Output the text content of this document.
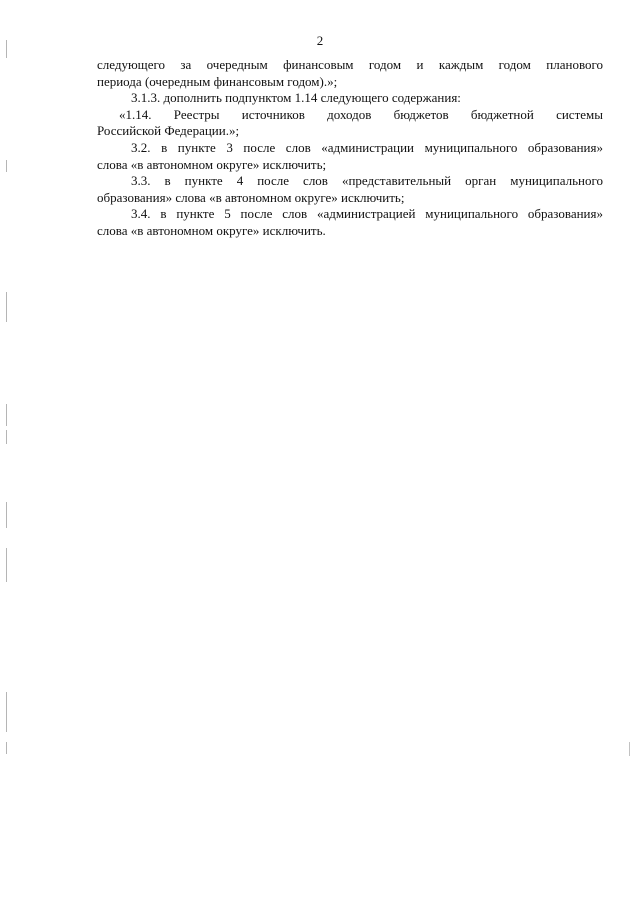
2
следующего за очередным финансовым годом и каждым годом планового
периода (очередным финансовым годом).»;
3.1.3. дополнить подпунктом 1.14 следующего содержания:
«1.14. Реестры источников доходов бюджетов бюджетной системы
Российской Федерации.»;
3.2. в пункте 3 после слов «администрации муниципального образования»
слова «в автономном округе» исключить;
3.3. в пункте 4 после слов «представительный орган муниципального
образования» слова «в автономном округе» исключить;
3.4. в пункте 5 после слов «администрацией муниципального образования»
слова «в автономном округе» исключить.
